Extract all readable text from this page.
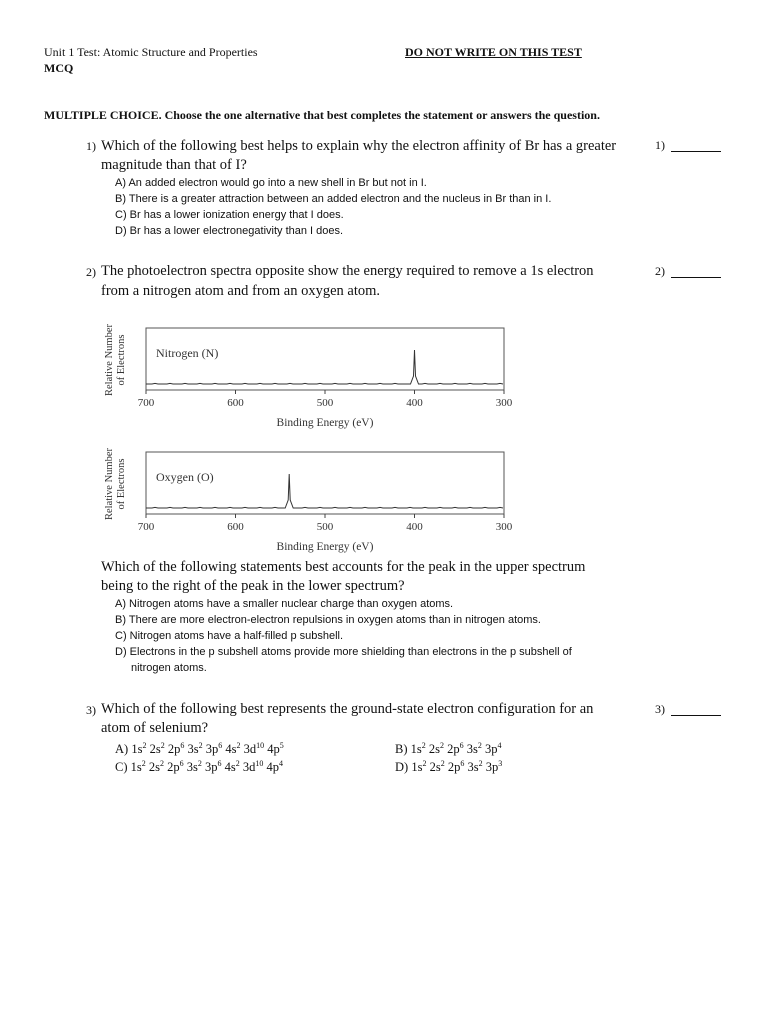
Unit 1 Test: Atomic Structure and Properties
MCQ
DO NOT WRITE ON THIS TEST
MULTIPLE CHOICE. Choose the one alternative that best completes the statement or answers the question.
1) Which of the following best helps to explain why the electron affinity of Br has a greater
magnitude than that of I?
A) An added electron would go into a new shell in Br but not in I.
B) There is a greater attraction between an added electron and the nucleus in Br than in I.
C) Br has a lower ionization energy that I does.
D) Br has a lower electronegativity than I does.
1)
2) The photoelectron spectra opposite show the energy required to remove a 1s electron
from a nitrogen atom and from an oxygen atom.
2)
Nitrogen (N)
700	600	500	400	300
Binding Energy (eV)
Relative Number of Electrons
Oxygen (O)
700	600	500	400	300
Binding Energy (eV)
Relative Number of Electrons
Which of the following statements best accounts for the peak in the upper spectrum
being to the right of the peak in the lower spectrum?
A) Nitrogen atoms have a smaller nuclear charge than oxygen atoms.
B) There are more electron-electron repulsions in oxygen atoms than in nitrogen atoms.
C) Nitrogen atoms have a half-filled p subshell.
D) Electrons in the p subshell atoms provide more shielding than electrons in the p subshell of
nitrogen atoms.
3) Which of the following best represents the ground-state electron configuration for an
atom of selenium?
3)
A) $1s^2$ $2s^2$ $2p^6$ $3s^2$ $3p^6$ $4s^2$ $3d^{10}$ $4p^5$	B) $1s^2$ $2s^2$ $2p^6$ $3s^2$ $3p^4$
C) $1s^2$ $2s^2$ $2p^6$ $3s^2$ $3p^6$ $4s^2$ $3d^{10}$ $4p^4$	D) $1s^2$ $2s^2$ $2p^6$ $3s^2$ $3p^3$
